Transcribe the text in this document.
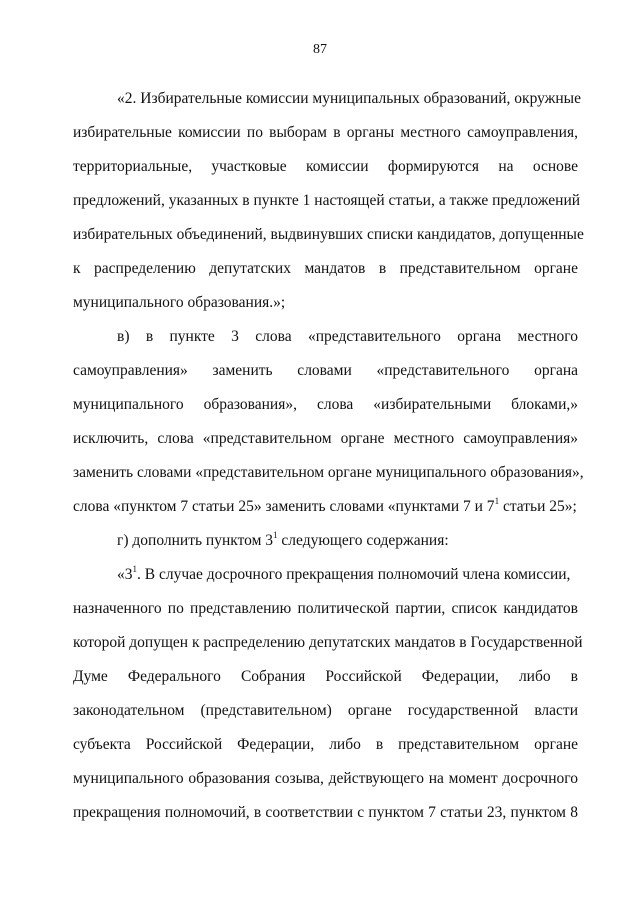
87
«2. Избирательные комиссии муниципальных образований, окружные
избирательные комиссии по выборам в органы местного самоуправления,
территориальные, участковые комиссии формируются на основе
предложений, указанных в пункте 1 настоящей статьи, а также предложений
избирательных объединений, выдвинувших списки кандидатов, допущенные
к распределению депутатских мандатов в представительном органе
муниципального образования.»;
в) в пункте 3 слова «представительного органа местного
самоуправления» заменить словами «представительного органа
муниципального образования», слова «избирательными блоками,»
исключить, слова «представительном органе местного самоуправления»
заменить словами «представительном органе муниципального образования»,
слова «пунктом 7 статьи 25» заменить словами «пунктами 7 и $7^1$ статьи 25»;
г) дополнить пунктом $3^1$ следующего содержания:
«$3^1$. В случае досрочного прекращения полномочий члена комиссии,
назначенного по представлению политической партии, список кандидатов
которой допущен к распределению депутатских мандатов в Государственной
Думе Федерального Собрания Российской Федерации, либо в
законодательном (представительном) органе государственной власти
субъекта Российской Федерации, либо в представительном органе
муниципального образования созыва, действующего на момент досрочного
прекращения полномочий, в соответствии с пунктом 7 статьи 23, пунктом 8
